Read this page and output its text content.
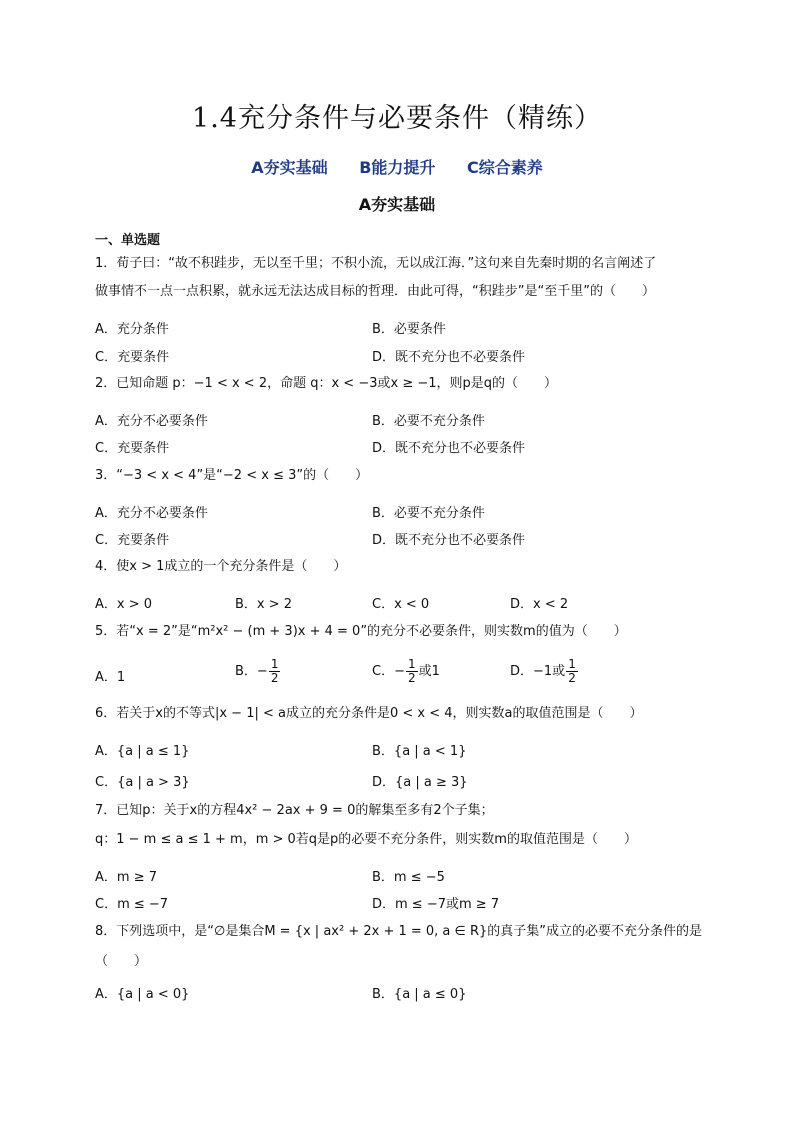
1.4充分条件与必要条件（精练）
A夯实基础 B能力提升 C综合素养
A夯实基础
一、单选题
1．荀子曰：“故不积跬步，无以至千里；不积小流，无以成江海．”这句来自先秦时期的名言阐述了
做事情不一点一点积累，就永远无法达成目标的哲理．由此可得，“积跬步”是“至千里”的（　　）
A．充分条件	B．必要条件
C．充要条件	D．既不充分也不必要条件
2．已知命题 p：−1 < x < 2，命题 q：x < −3或x ≥ −1，则p是q的（　　）
A．充分不必要条件	B．必要不充分条件
C．充要条件	D．既不充分也不必要条件
3．“−3 < x < 4”是“−2 < x ≤ 3”的（　　）
A．充分不必要条件	B．必要不充分条件
C．充要条件	D．既不充分也不必要条件
4．使x > 1成立的一个充分条件是（　　）
A．x > 0	B．x > 2	C．x < 0	D．x < 2
5．若“x = 2”是“m²x² − (m + 3)x + 4 = 0”的充分不必要条件，则实数m的值为（　　）
A．1	B．− $\frac{1}{2}$	C．− $\frac{1}{2}$ 或1	D．−1或 $\frac{1}{2}$
6．若关于x的不等式|x − 1| < a成立的充分条件是0 < x < 4，则实数a的取值范围是（　　）
A．{a | a ≤ 1}	B．{a | a < 1}
C．{a | a > 3}	D．{a | a ≥ 3}
7．已知p：关于x的方程4x² − 2ax + 9 = 0的解集至多有2个子集；
q：1 − m ≤ a ≤ 1 + m，m > 0若q是p的必要不充分条件，则实数m的取值范围是（　　）
A．m ≥ 7	B．m ≤ −5
C．m ≤ −7	D．m ≤ −7或m ≥ 7
8．下列选项中，是“∅是集合M = {x | ax² + 2x + 1 = 0, a ∈ R}的真子集”成立的必要不充分条件的是
（　　）
A．{a | a < 0}	B．{a | a ≤ 0}
